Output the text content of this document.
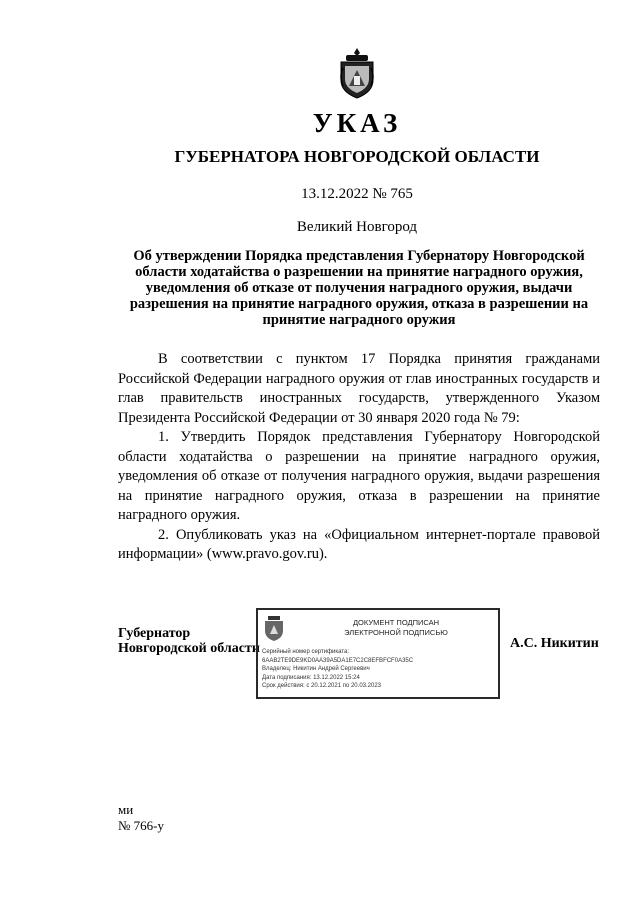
УКАЗ
ГУБЕРНАТОРА НОВГОРОДСКОЙ ОБЛАСТИ
13.12.2022 № 765
Великий Новгород
Об утверждении Порядка представления Губернатору Новгородской области ходатайства о разрешении на принятие наградного оружия, уведомления об отказе от получения наградного оружия, выдачи разрешения на принятие наградного оружия, отказа в разрешении на принятие наградного оружия

В соответствии с пунктом 17 Порядка принятия гражданами Российской Федерации наградного оружия от глав иностранных государств и глав правительств иностранных государств, утвержденного Указом Президента Российской Федерации от 30 января 2020 года № 79:

1. Утвердить Порядок представления Губернатору Новгородской области ходатайства о разрешении на принятие наградного оружия, уведомления об отказе от получения наградного оружия, выдачи разрешения на принятие наградного оружия, отказа в разрешении на принятие наградного оружия.

2. Опубликовать указ на «Официальном интернет-портале правовой информации» (www.pravo.gov.ru).

Губернатор
Новгородской области
ДОКУМЕНТ ПОДПИСАН
ЭЛЕКТРОННОЙ ПОДПИСЬЮ
Серийный номер сертификата:
6AAB2TE9DE9KD0AA39A5DA1E7C2C8EFBFCF0A35C
Владелец: Никитин Андрей Сергеевич
Дата подписания: 13.12.2022 15:24
Срок действия: с 20.12.2021 по 20.03.2023
А.С. Никитин
ми
№ 766-у
